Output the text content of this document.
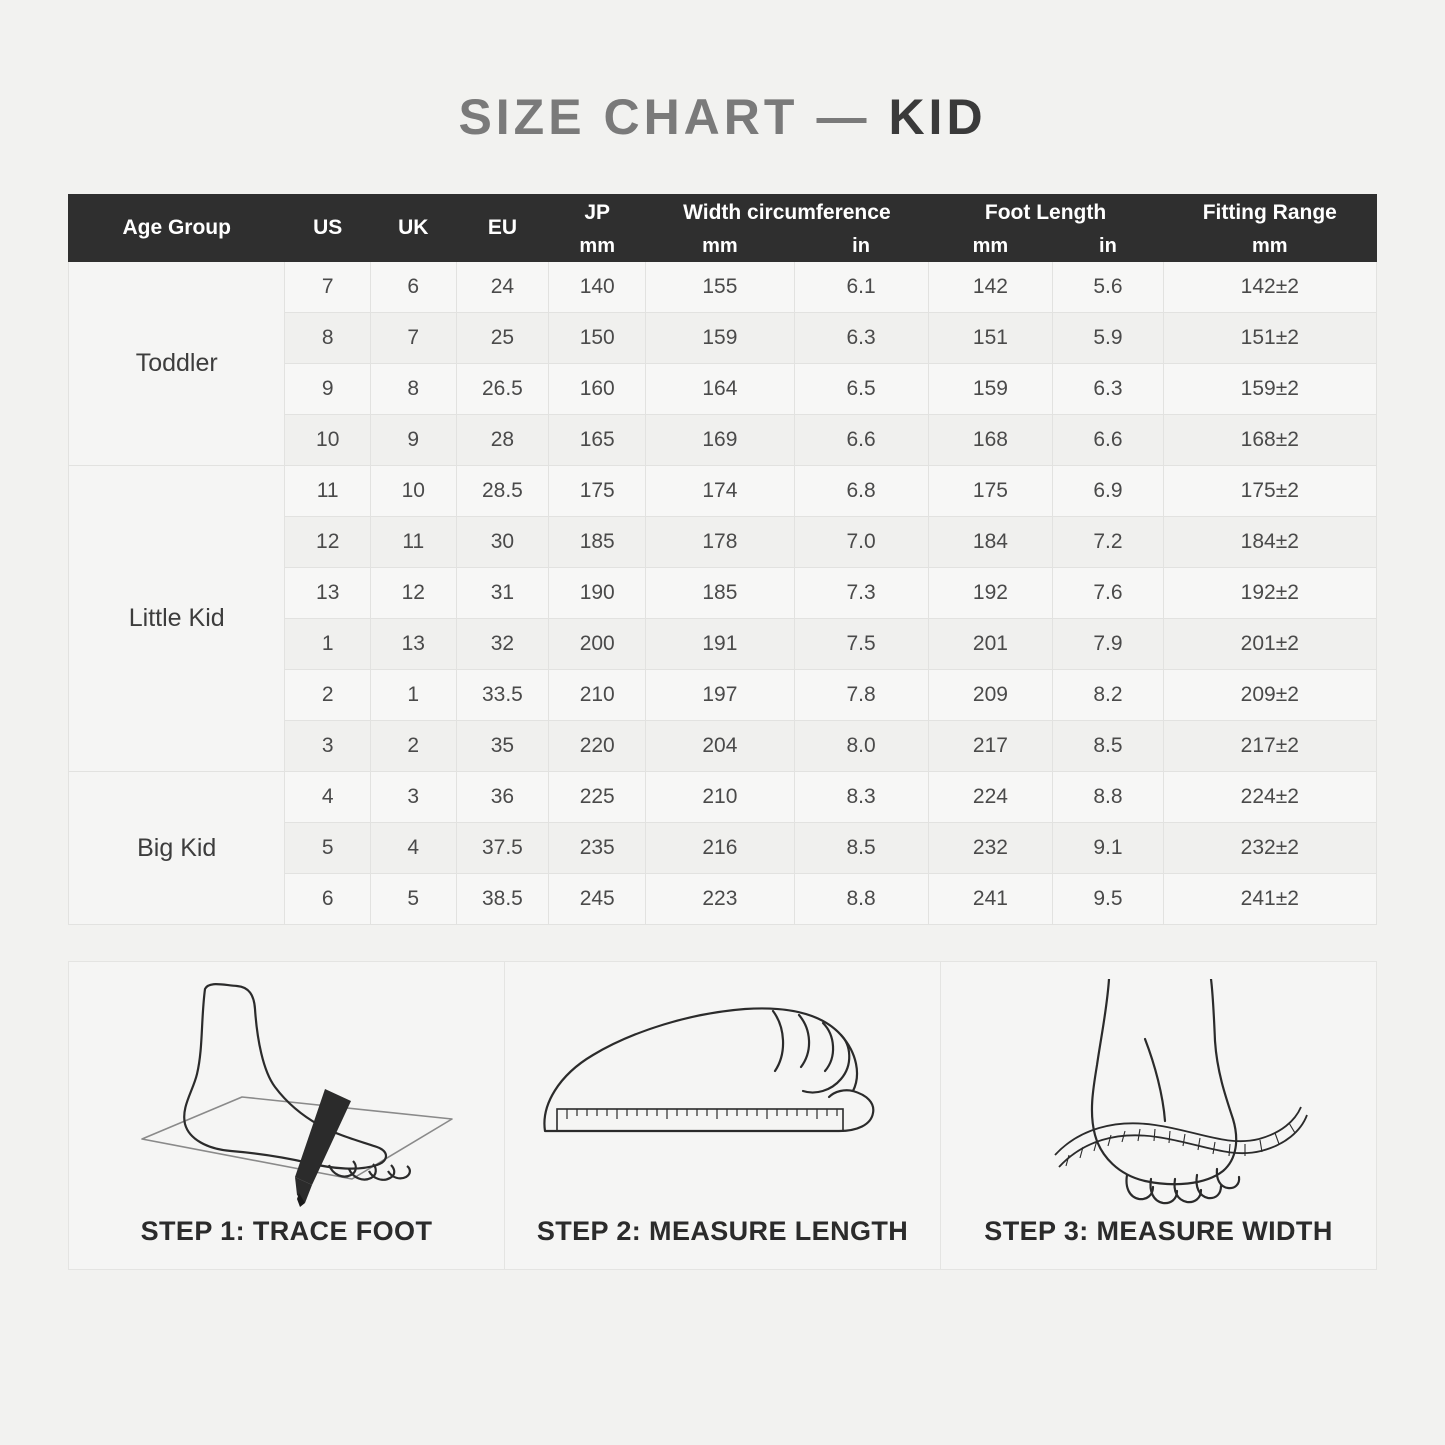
SIZE CHART — KID
Age Group	US	UK	EU	JP	Width circumference		Foot Length		Fitting Range
				mm	mm	in	mm	in	mm
Toddler	7	6	24	140	155	6.1	142	5.6	142±2
	8	7	25	150	159	6.3	151	5.9	151±2
	9	8	26.5	160	164	6.5	159	6.3	159±2
	10	9	28	165	169	6.6	168	6.6	168±2
Little Kid	11	10	28.5	175	174	6.8	175	6.9	175±2
	12	11	30	185	178	7.0	184	7.2	184±2
	13	12	31	190	185	7.3	192	7.6	192±2
	1	13	32	200	191	7.5	201	7.9	201±2
	2	1	33.5	210	197	7.8	209	8.2	209±2
	3	2	35	220	204	8.0	217	8.5	217±2
Big Kid	4	3	36	225	210	8.3	224	8.8	224±2
	5	4	37.5	235	216	8.5	232	9.1	232±2
	6	5	38.5	245	223	8.8	241	9.5	241±2
STEP 1: TRACE FOOT	STEP 2: MEASURE LENGTH	STEP 3: MEASURE WIDTH
